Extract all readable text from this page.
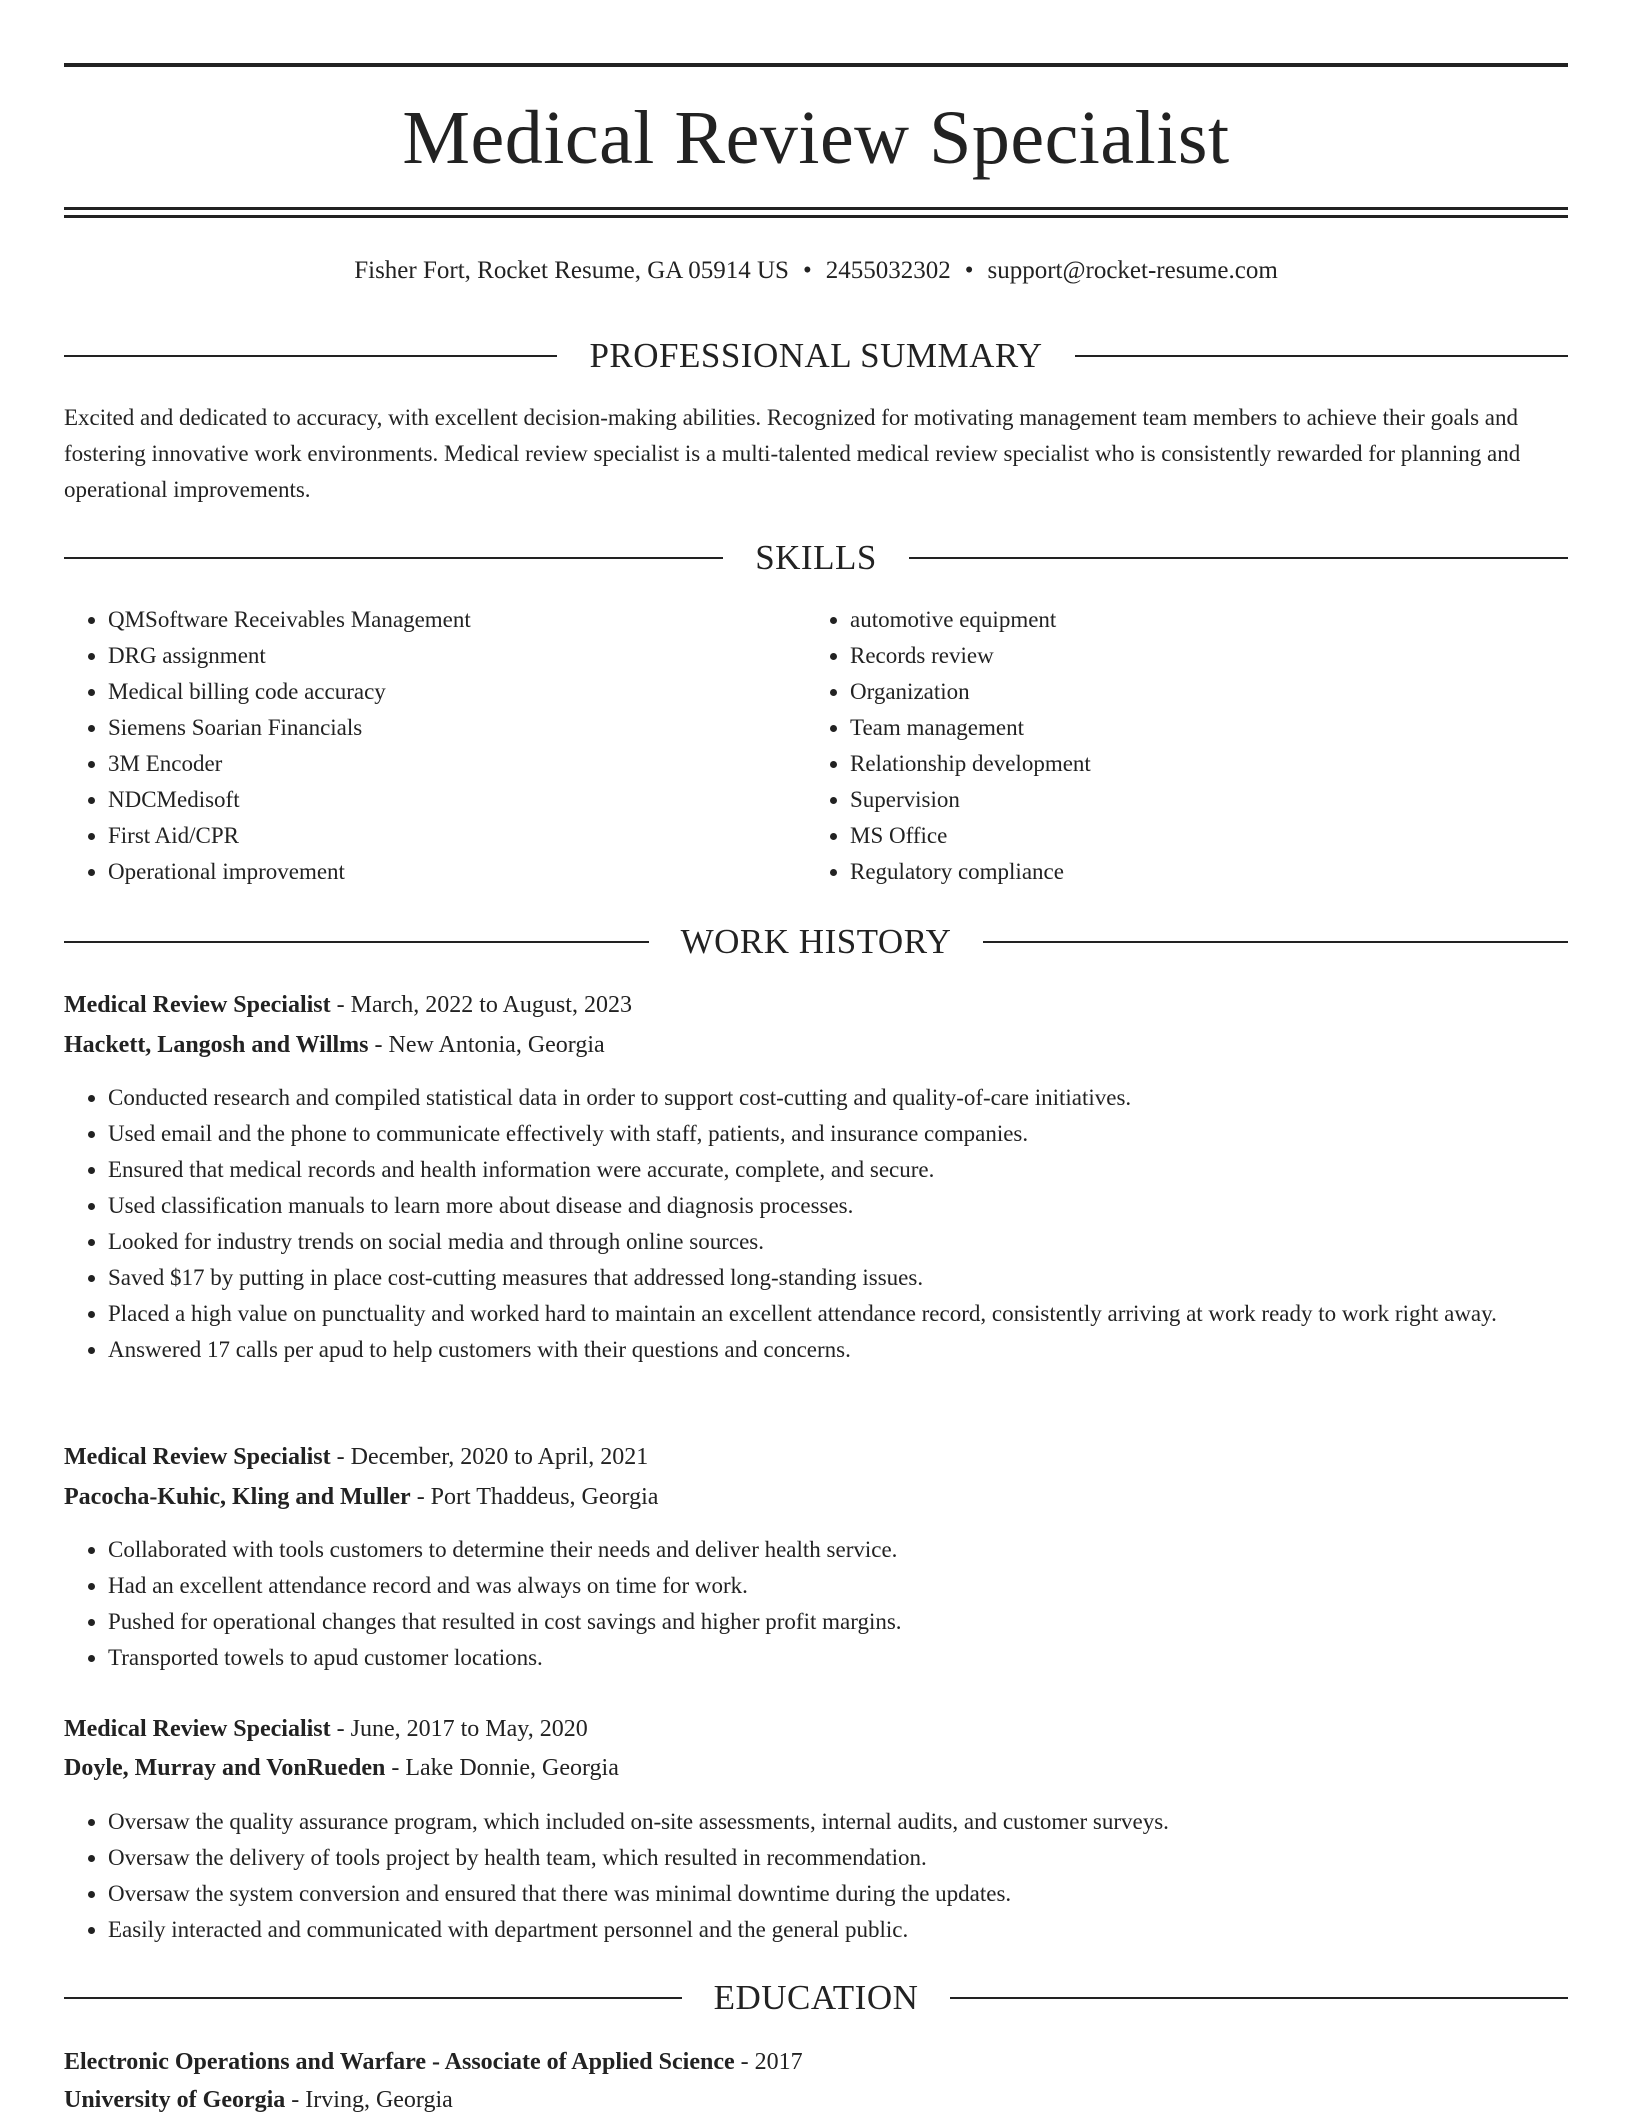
Medical Review Specialist
Fisher Fort, Rocket Resume, GA 05914 US • 2455032302 • support@rocket-resume.com
PROFESSIONAL SUMMARY

Excited and dedicated to accuracy, with excellent decision-making abilities. Recognized for motivating management team members to achieve their goals and fostering innovative work environments. Medical review specialist is a multi-talented medical review specialist who is consistently rewarded for planning and operational improvements.

SKILLS
• QMSoftware Receivables Management
• DRG assignment
• Medical billing code accuracy
• Siemens Soarian Financials
• 3M Encoder
• NDCMedisoft
• First Aid/CPR
• Operational improvement
• automotive equipment
• Records review
• Organization
• Team management
• Relationship development
• Supervision
• MS Office
• Regulatory compliance
WORK HISTORY
Medical Review Specialist - March, 2022 to August, 2023
Hackett, Langosh and Willms - New Antonia, Georgia
• Conducted research and compiled statistical data in order to support cost-cutting and quality-of-care initiatives.
• Used email and the phone to communicate effectively with staff, patients, and insurance companies.
• Ensured that medical records and health information were accurate, complete, and secure.
• Used classification manuals to learn more about disease and diagnosis processes.
• Looked for industry trends on social media and through online sources.
• Saved $17 by putting in place cost-cutting measures that addressed long-standing issues.
• Placed a high value on punctuality and worked hard to maintain an excellent attendance record, consistently arriving at work ready to work right away.
• Answered 17 calls per apud to help customers with their questions and concerns.
Medical Review Specialist - December, 2020 to April, 2021
Pacocha-Kuhic, Kling and Muller - Port Thaddeus, Georgia
• Collaborated with tools customers to determine their needs and deliver health service.
• Had an excellent attendance record and was always on time for work.
• Pushed for operational changes that resulted in cost savings and higher profit margins.
• Transported towels to apud customer locations.
Medical Review Specialist - June, 2017 to May, 2020
Doyle, Murray and VonRueden - Lake Donnie, Georgia
• Oversaw the quality assurance program, which included on-site assessments, internal audits, and customer surveys.
• Oversaw the delivery of tools project by health team, which resulted in recommendation.
• Oversaw the system conversion and ensured that there was minimal downtime during the updates.
• Easily interacted and communicated with department personnel and the general public.
EDUCATION
Electronic Operations and Warfare - Associate of Applied Science - 2017
University of Georgia - Irving, Georgia
